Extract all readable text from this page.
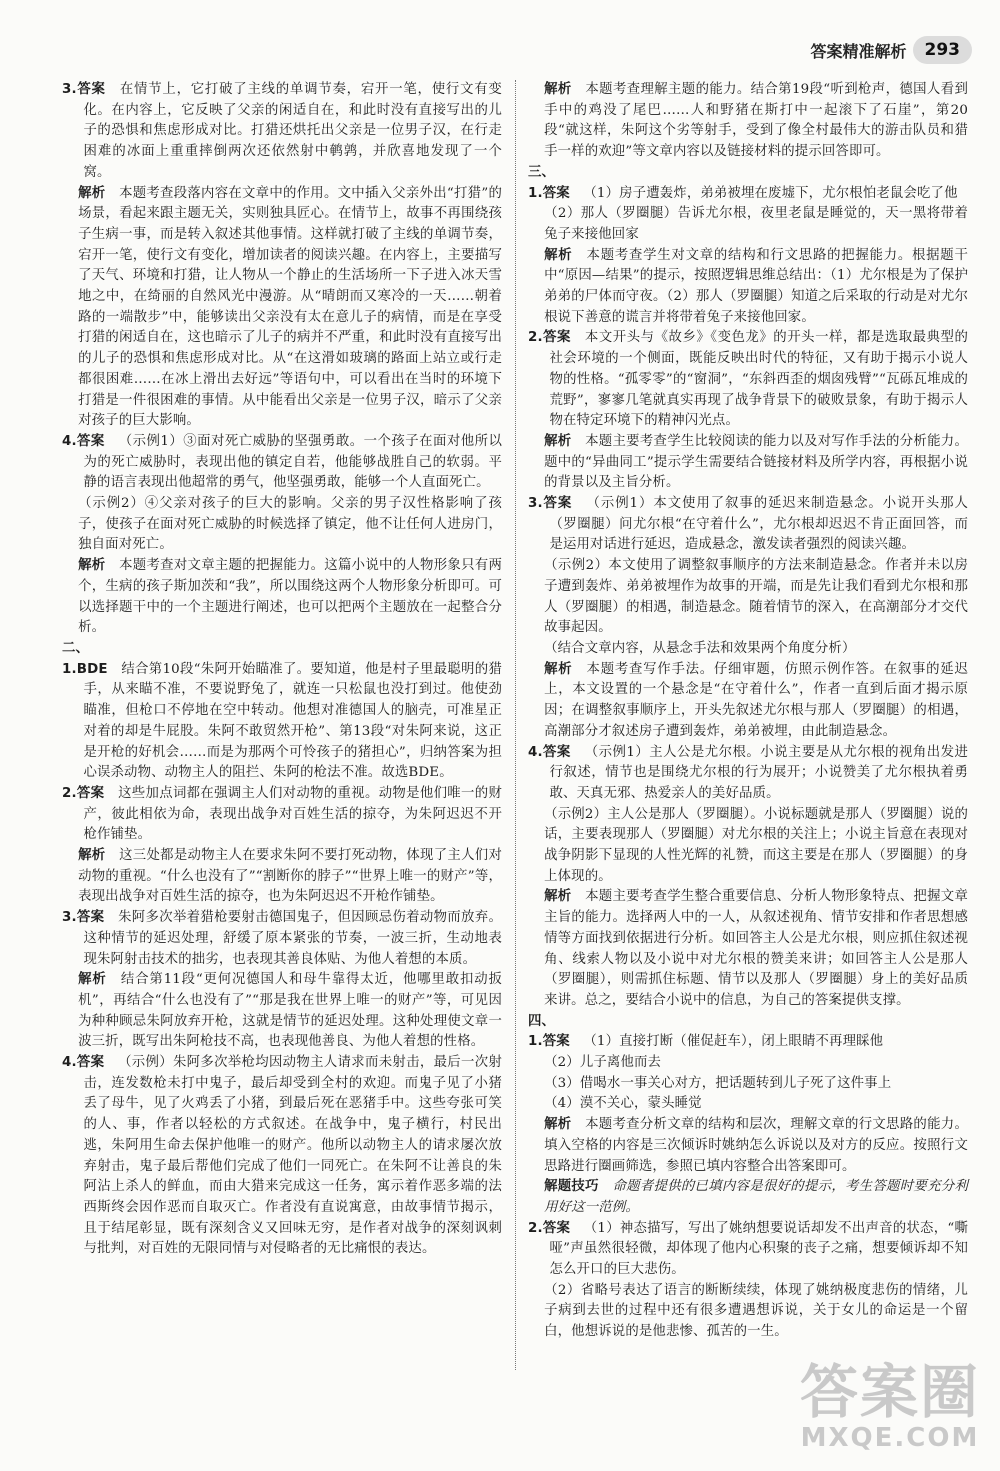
答案精准解析	293

3.答案  在情节上，它打破了主线的单调节奏，宕开一笔，使行文有变化。在内容上，它反映了父亲的闲适自在，和此时没有直接写出的儿子的恐惧和焦虑形成对比。打猎还烘托出父亲是一位男子汉，在行走困难的冰面上重重摔倒两次还依然射中鹌鹑，并欣喜地发现了一个窝。

解析  本题考查段落内容在文章中的作用。文中插入父亲外出“打猎”的场景，看起来跟主题无关，实则独具匠心。在情节上，故事不再围绕孩子生病一事，而是转入叙述其他事情。这样就打破了主线的单调节奏，宕开一笔，使行文有变化，增加读者的阅读兴趣。在内容上，主要描写了天气、环境和打猎，让人物从一个静止的生活场所一下子进入冰天雪地之中，在绮丽的自然风光中漫游。从“晴朗而又寒冷的一天……朝着路的一端散步”中，能够读出父亲没有太在意儿子的病情，而是在享受打猎的闲适自在，这也暗示了儿子的病并不严重，和此时没有直接写出的儿子的恐惧和焦虑形成对比。从“在这滑如玻璃的路面上站立或行走都很困难……在冰上滑出去好远”等语句中，可以看出在当时的环境下打猎是一件很困难的事情。从中能看出父亲是一位男子汉，暗示了父亲对孩子的巨大影响。

4.答案  （示例1）③面对死亡威胁的坚强勇敢。一个孩子在面对他所以为的死亡威胁时，表现出他的镇定自若，他能够战胜自己的软弱。平静的语言表现出他超常的勇气，他坚强勇敢，能够一个人直面死亡。

（示例2）④父亲对孩子的巨大的影响。父亲的男子汉性格影响了孩子，使孩子在面对死亡威胁的时候选择了镇定，他不让任何人进房门，独自面对死亡。

解析  本题考查对文章主题的把握能力。这篇小说中的人物形象只有两个，生病的孩子斯加茨和“我”，所以围绕这两个人物形象分析即可。可以选择题干中的一个主题进行阐述，也可以把两个主题放在一起整合分析。

二、

1.BDE  结合第10段“朱阿开始瞄准了。要知道，他是村子里最聪明的猎手，从来瞄不准，不要说野兔了，就连一只松鼠也没打到过。他使劲瞄准，但枪口不停地在空中转动。他想对准德国人的脑壳，可准星正对着的却是牛屁股。朱阿不敢贸然开枪”、第13段“对朱阿来说，这正是开枪的好机会……而是为那两个可怜孩子的猪担心”，归纳答案为担心误杀动物、动物主人的阻拦、朱阿的枪法不准。故选BDE。

2.答案  这些加点词都在强调主人们对动物的重视。动物是他们唯一的财产，彼此相依为命，表现出战争对百姓生活的掠夺，为朱阿迟迟不开枪作铺垫。

解析  这三处都是动物主人在要求朱阿不要打死动物，体现了主人们对动物的重视。“什么也没有了”“割断你的脖子”“世界上唯一的财产”等，表现出战争对百姓生活的掠夺，也为朱阿迟迟不开枪作铺垫。

3.答案  朱阿多次举着猎枪要射击德国鬼子，但因顾忌伤着动物而放弃。这种情节的延迟处理，舒缓了原本紧张的节奏，一波三折，生动地表现朱阿射击技术的拙劣，也表现其善良体贴、为他人着想的本质。

解析  结合第11段“更何况德国人和母牛靠得太近，他哪里敢扣动扳机”，再结合“什么也没有了”“那是我在世界上唯一的财产”等，可见因为种种顾忌朱阿放弃开枪，这就是情节的延迟处理。这种处理使文章一波三折，既写出朱阿枪技不高，也表现他善良、为他人着想的性格。

4.答案  （示例）朱阿多次举枪均因动物主人请求而未射击，最后一次射击，连发数枪未打中鬼子，最后却受到全村的欢迎。而鬼子见了小猪丢了母牛，见了火鸡丢了小猪，到最后死在恶猪手中。这些夸张可笑的人、事，作者以轻松的方式叙述。在战争中，鬼子横行，村民出逃，朱阿用生命去保护他唯一的财产。他所以动物主人的请求屡次放弃射击，鬼子最后帮他们完成了他们一同死亡。在朱阿不让善良的朱阿沾上杀人的鲜血，而由大猎来完成这一任务，寓示着作恶多端的法西斯终会因作恶而自取灭亡。作者没有直说寓意，由故事情节揭示，且于结尾彰显，既有深刻含义又回味无穷，是作者对战争的深刻讽刺与批判，对百姓的无限同情与对侵略者的无比痛恨的表达。

解析  本题考查理解主题的能力。结合第19段“听到枪声，德国人看到手中的鸡没了尾巴……人和野猪在斯打中一起滚下了石崖”，第20段“就这样，朱阿这个劣等射手，受到了像全村最伟大的游击队员和猎手一样的欢迎”等文章内容以及链接材料的提示回答即可。

三、

1.答案  （1）房子遭轰炸，弟弟被埋在废墟下，尤尔根怕老鼠会吃了他

（2）那人（罗圈腿）告诉尤尔根，夜里老鼠是睡觉的，天一黑将带着兔子来接他回家

解析  本题考查学生对文章的结构和行文思路的把握能力。根据题干中“原因—结果”的提示，按照逻辑思维总结出：（1）尤尔根是为了保护弟弟的尸体而守夜。（2）那人（罗圈腿）知道之后采取的行动是对尤尔根说下善意的谎言并将带着兔子来接他回家。

2.答案  本文开头与《故乡》《变色龙》的开头一样，都是选取最典型的社会环境的一个侧面，既能反映出时代的特征，又有助于揭示小说人物的性格。“孤零零”的“窗洞”，“东斜西歪的烟囱残臂”“瓦砾瓦堆成的荒野”，寥寥几笔就真实再现了战争背景下的破败景象，有助于揭示人物在特定环境下的精神闪光点。

解析  本题主要考查学生比较阅读的能力以及对写作手法的分析能力。题中的“异曲同工”提示学生需要结合链接材料及所学内容，再根据小说的背景以及主旨分析。

3.答案  （示例1）本文使用了叙事的延迟来制造悬念。小说开头那人（罗圈腿）问尤尔根“在守着什么”，尤尔根却迟迟不肯正面回答，而是运用对话进行延迟，造成悬念，激发读者强烈的阅读兴趣。

（示例2）本文使用了调整叙事顺序的方法来制造悬念。作者并未以房子遭到轰炸、弟弟被埋作为故事的开端，而是先让我们看到尤尔根和那人（罗圈腿）的相遇，制造悬念。随着情节的深入，在高潮部分才交代故事起因。

（结合文章内容，从悬念手法和效果两个角度分析）

解析  本题考查写作手法。仔细审题，仿照示例作答。在叙事的延迟上，本文设置的一个悬念是“在守着什么”，作者一直到后面才揭示原因；在调整叙事顺序上，开头先叙述尤尔根与那人（罗圈腿）的相遇，高潮部分才叙述房子遭到轰炸，弟弟被埋，由此制造悬念。

4.答案  （示例1）主人公是尤尔根。小说主要是从尤尔根的视角出发进行叙述，情节也是围绕尤尔根的行为展开；小说赞美了尤尔根执着勇敢、天真无邪、热爱亲人的美好品质。

（示例2）主人公是那人（罗圈腿）。小说标题就是那人（罗圈腿）说的话，主要表现那人（罗圈腿）对尤尔根的关注上；小说主旨意在表现对战争阴影下显现的人性光辉的礼赞，而这主要是在那人（罗圈腿）的身上体现的。

解析  本题主要考查学生整合重要信息、分析人物形象特点、把握文章主旨的能力。选择两人中的一人，从叙述视角、情节安排和作者思想感情等方面找到依据进行分析。如回答主人公是尤尔根，则应抓住叙述视角、线索人物以及小说中对尤尔根的赞美来讲；如回答主人公是那人（罗圈腿），则需抓住标题、情节以及那人（罗圈腿）身上的美好品质来讲。总之，要结合小说中的信息，为自己的答案提供支撑。

四、

1.答案  （1）直接打断（催促赶车），闭上眼睛不再理睬他

（2）儿子离他而去

（3）借喝水一事关心对方，把话题转到儿子死了这件事上

（4）漠不关心，蒙头睡觉

解析  本题考查分析文章的结构和层次，理解文章的行文思路的能力。填入空格的内容是三次倾诉时姚纳怎么诉说以及对方的反应。按照行文思路进行圈画筛选，参照已填内容整合出答案即可。

解题技巧  命题者提供的已填内容是很好的提示，考生答题时要充分利用好这一范例。

2.答案  （1）神态描写，写出了姚纳想要说话却发不出声音的状态，“嘶哑”声虽然很轻微，却体现了他内心积聚的丧子之痛，想要倾诉却不知怎么开口的巨大悲伤。

（2）省略号表达了语言的断断续续，体现了姚纳极度悲伤的情绪，儿子病到去世的过程中还有很多遭遇想诉说，关于女儿的命运是一个留白，他想诉说的是他悲惨、孤苦的一生。

答案圈
MXQE.COM
